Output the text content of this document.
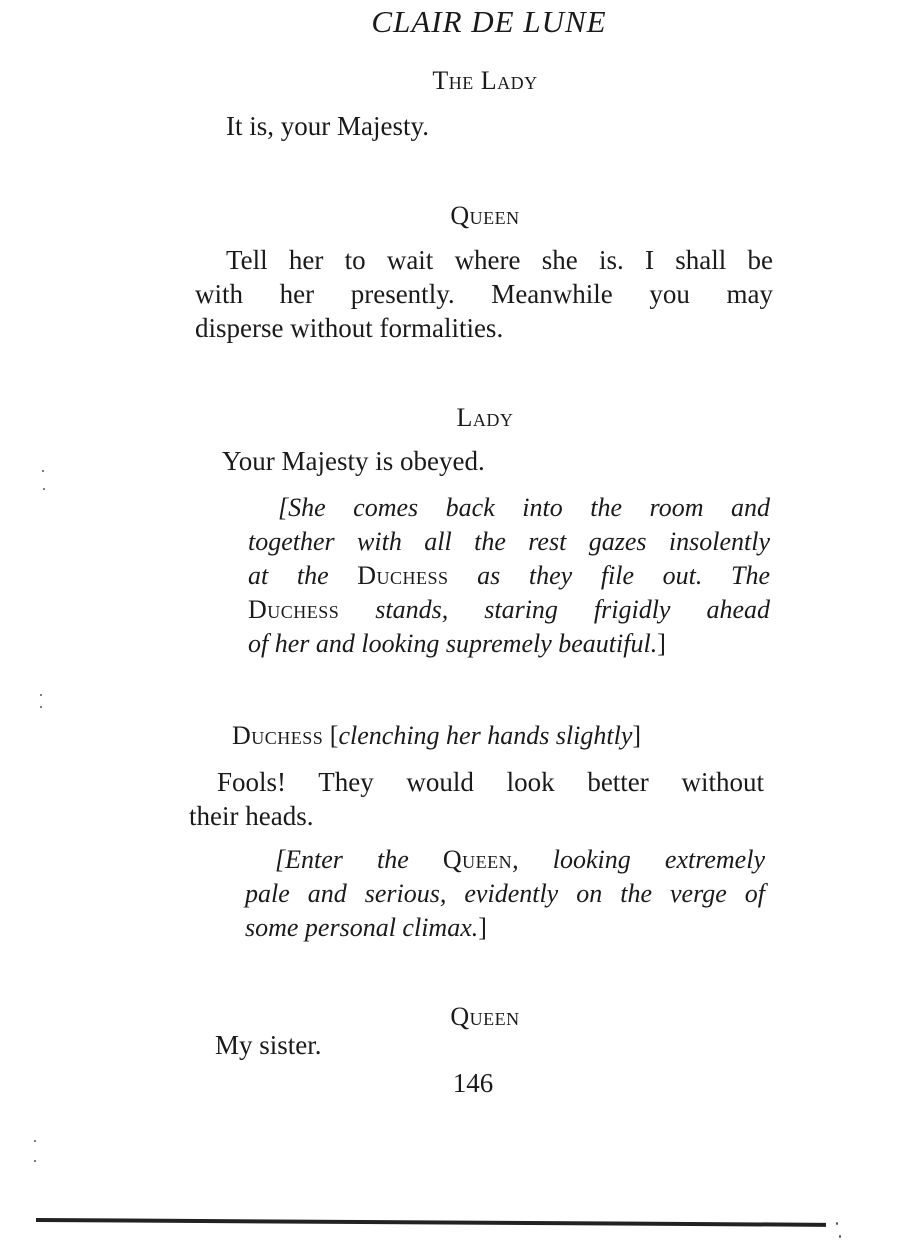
CLAIR DE LUNE
The Lady
It is, your Majesty.
Queen
Tell her to wait where she is. I shall be
with her presently. Meanwhile you may
disperse without formalities.
Lady
Your Majesty is obeyed.
[She comes back into the room and
together with all the rest gazes insolently
at the Duchess as they file out. The
Duchess stands, staring frigidly ahead
of her and looking supremely beautiful.]
Duchess [clenching her hands slightly]
Fools! They would look better without
their heads.
[Enter the Queen, looking extremely
pale and serious, evidently on the verge of
some personal climax.]
Queen
My sister.
146
